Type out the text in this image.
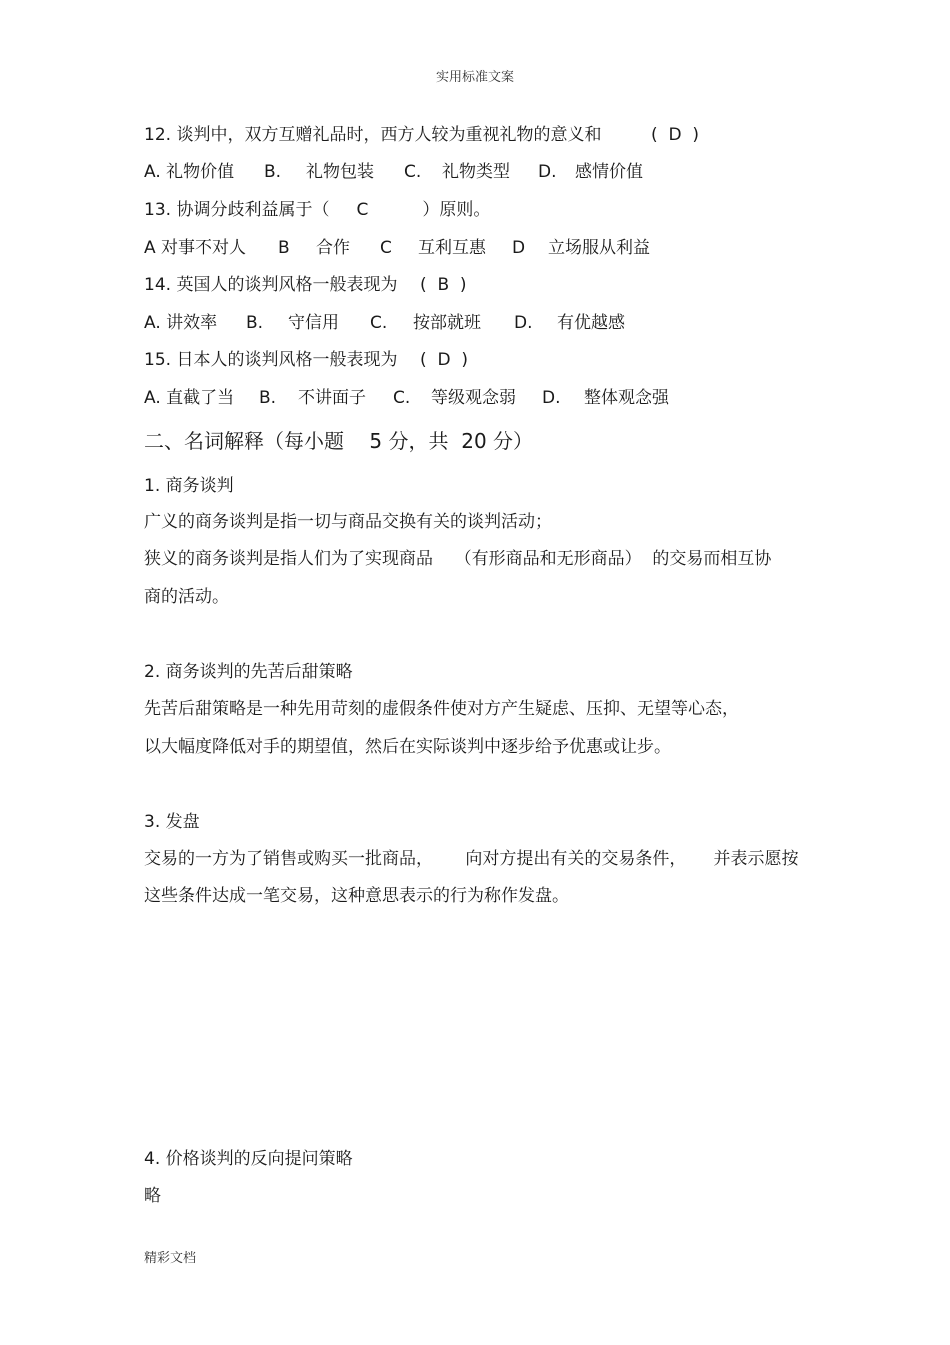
实用标准文案
12. 谈判中，双方互赠礼品时，西方人较为重视礼物的意义和	(  D  )
A. 礼物价值 B. 礼物包装 C. 礼物类型 D. 感情价值
13. 协调分歧利益属于（     C          ）原则。
A 对事不对人 B 合作 C 互利互惠 D 立场服从利益
14. 英国人的谈判风格一般表现为 (  B  )
A. 讲效率 B. 守信用 C. 按部就班 D. 有优越感
15. 日本人的谈判风格一般表现为 (  D  )
A. 直截了当 B. 不讲面子 C. 等级观念弱 D. 整体观念强
二、名词解释（每小题    5 分，共  20 分）
1. 商务谈判
广义的商务谈判是指一切与商品交换有关的谈判活动；
狭义的商务谈判是指人们为了实现商品    （有形商品和无形商品）  的交易而相互协
商的活动。
2. 商务谈判的先苦后甜策略
先苦后甜策略是一种先用苛刻的虚假条件使对方产生疑虑、压抑、无望等心态，
以大幅度降低对手的期望值，然后在实际谈判中逐步给予优惠或让步。
3. 发盘
交易的一方为了销售或购买一批商品，      向对方提出有关的交易条件，     并表示愿按
这些条件达成一笔交易，这种意思表示的行为称作发盘。
4. 价格谈判的反向提问策略
略
精彩文档
